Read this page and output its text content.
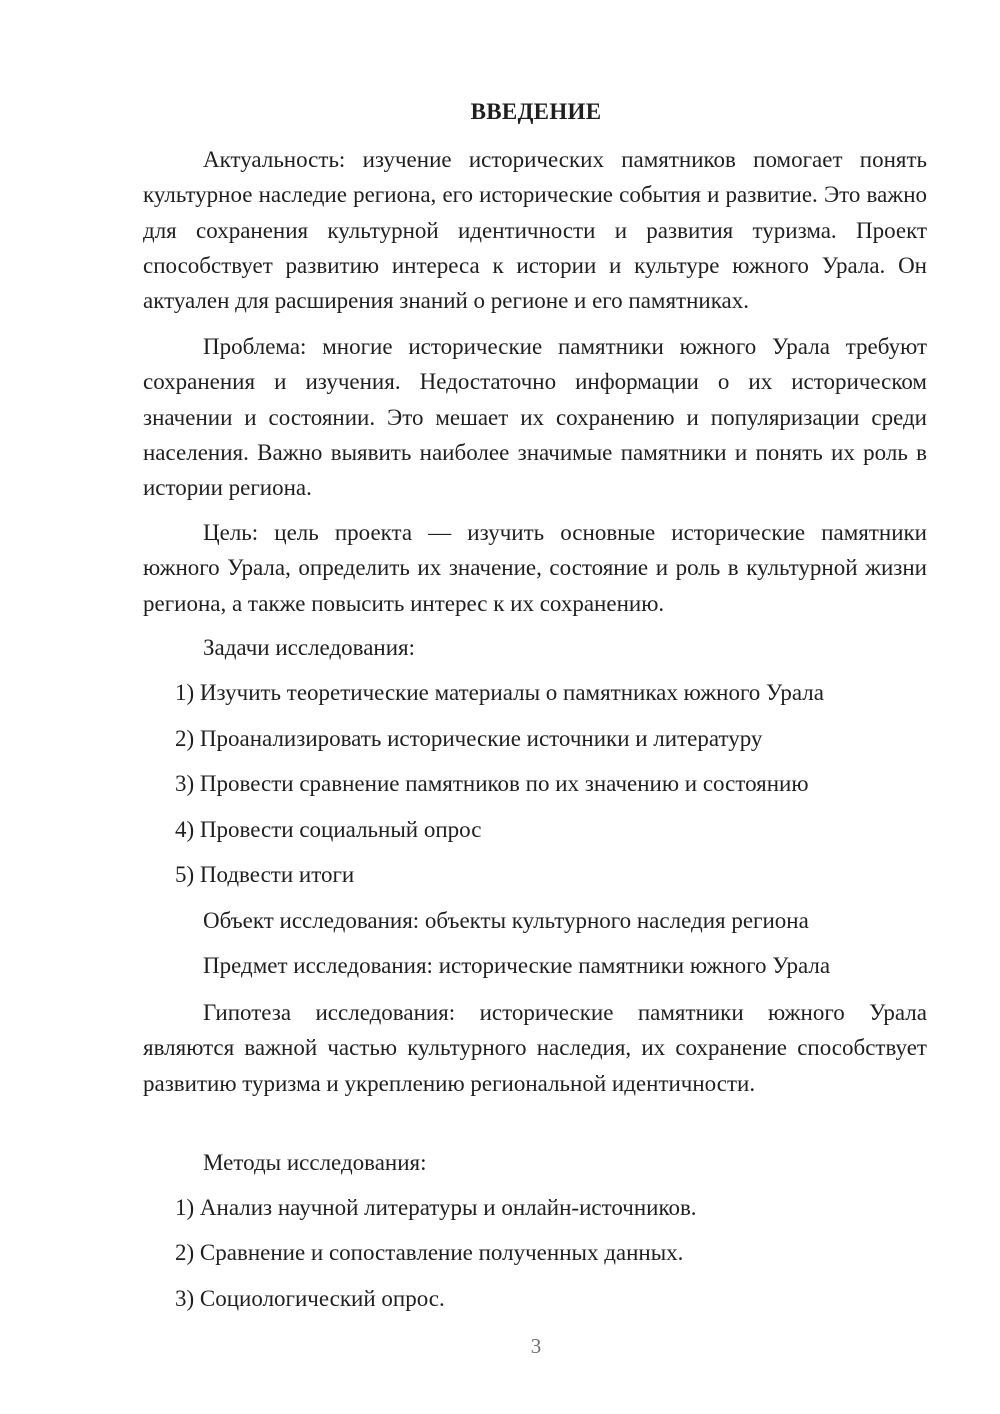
ВВЕДЕНИЕ

Актуальность: изучение исторических памятников помогает понять культурное наследие региона, его исторические события и развитие. Это важно для сохранения культурной идентичности и развития туризма. Проект способствует развитию интереса к истории и культуре южного Урала. Он актуален для расширения знаний о регионе и его памятниках.

Проблема: многие исторические памятники южного Урала требуют сохранения и изучения. Недостаточно информации о их историческом значении и состоянии. Это мешает их сохранению и популяризации среди населения. Важно выявить наиболее значимые памятники и понять их роль в истории региона.

Цель: цель проекта — изучить основные исторические памятники южного Урала, определить их значение, состояние и роль в культурной жизни региона, а также повысить интерес к их сохранению.

Задачи исследования:

1) Изучить теоретические материалы о памятниках южного Урала

2) Проанализировать исторические источники и литературу

3) Провести сравнение памятников по их значению и состоянию

4) Провести социальный опрос

5) Подвести итоги

Объект исследования: объекты культурного наследия региона

Предмет исследования: исторические памятники южного Урала

Гипотеза исследования: исторические памятники южного Урала являются важной частью культурного наследия, их сохранение способствует развитию туризма и укреплению региональной идентичности.

Методы исследования:

1) Анализ научной литературы и онлайн-источников.

2) Сравнение и сопоставление полученных данных.

3) Социологический опрос.

3
